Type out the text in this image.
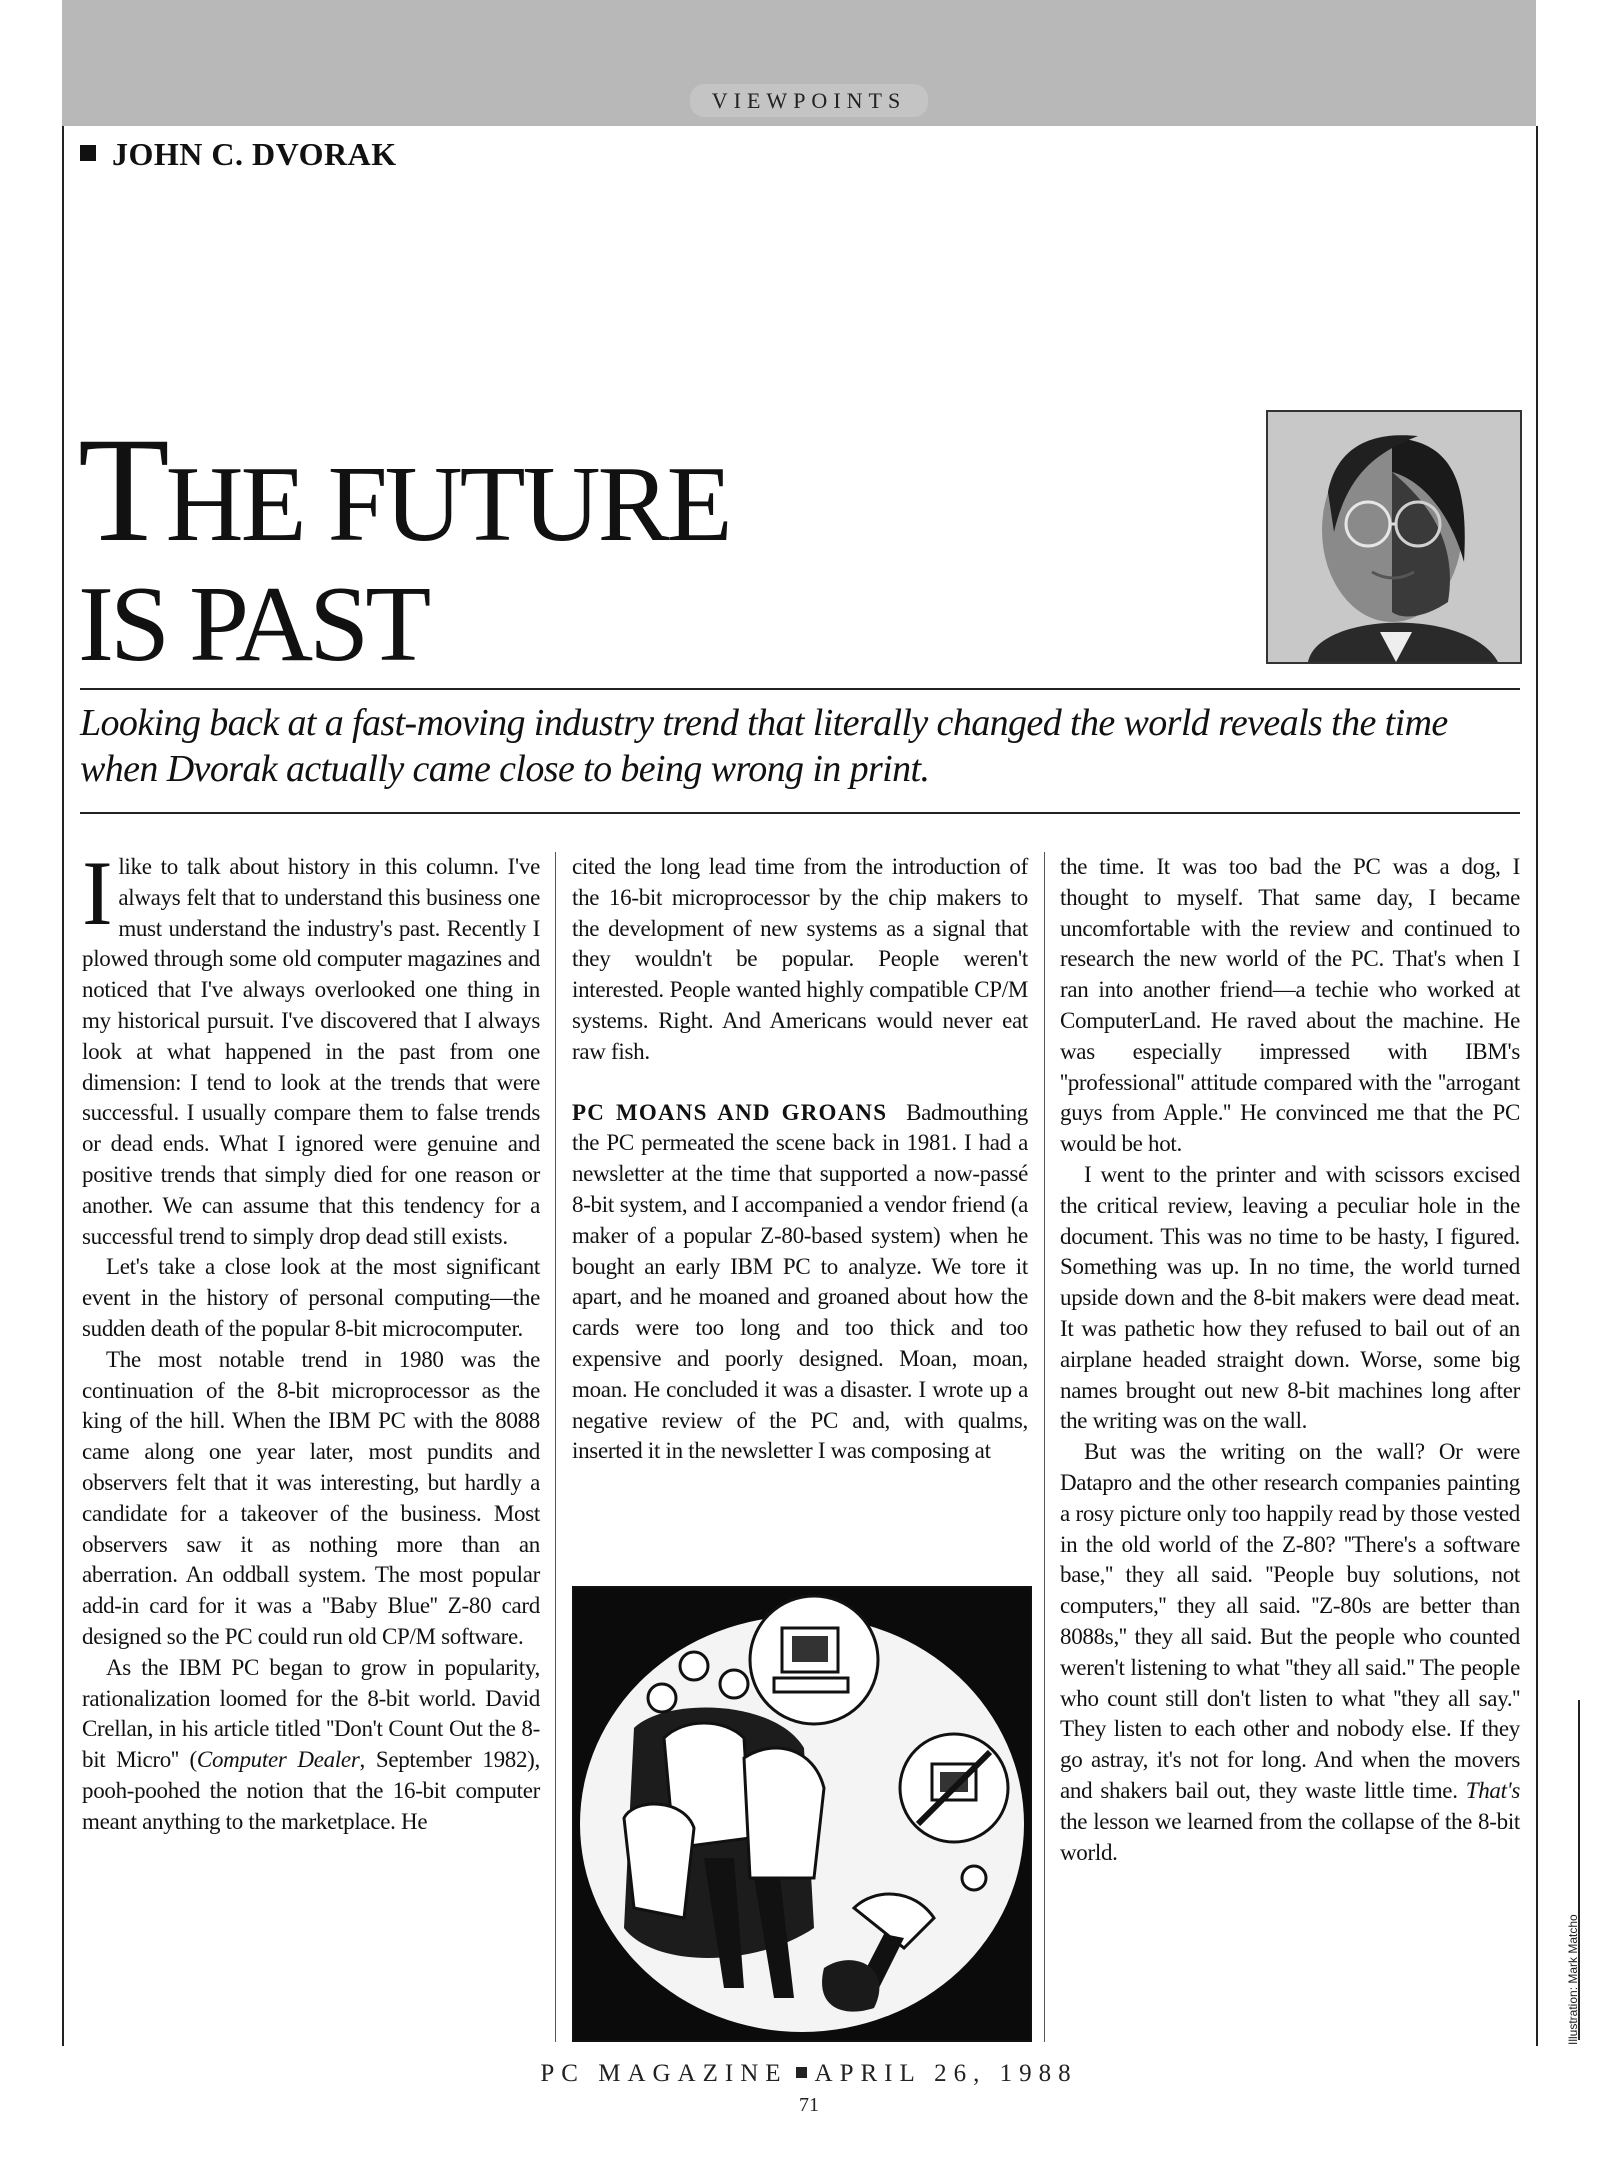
VIEWPOINTS
JOHN C. DVORAK
THE FUTURE
IS PAST
Looking back at a fast-moving industry trend that literally changed the world reveals the time
when Dvorak actually came close to being wrong in print.

Ilike to talk about history in this column. I've always felt that to understand this business one must understand the industry's past. Recently I plowed through some old computer magazines and noticed that I've always overlooked one thing in my historical pursuit. I've discovered that I always look at what happened in the past from one dimension: I tend to look at the trends that were successful. I usually compare them to false trends or dead ends. What I ignored were genuine and positive trends that simply died for one reason or another. We can assume that this tendency for a successful trend to simply drop dead still exists.

Let's take a close look at the most significant event in the history of personal computing—the sudden death of the popular 8-bit microcomputer.

The most notable trend in 1980 was the continuation of the 8-bit microprocessor as the king of the hill. When the IBM PC with the 8088 came along one year later, most pundits and observers felt that it was interesting, but hardly a candidate for a takeover of the business. Most observers saw it as nothing more than an aberration. An oddball system. The most popular add-in card for it was a ''Baby Blue'' Z-80 card designed so the PC could run old CP/M software.

As the IBM PC began to grow in popularity, rationalization loomed for the 8-bit world. David Crellan, in his article titled ''Don't Count Out the 8-bit Micro'' (Computer Dealer, September 1982), pooh-poohed the notion that the 16-bit computer meant anything to the marketplace. He

cited the long lead time from the introduction of the 16-bit microprocessor by the chip makers to the development of new systems as a signal that they wouldn't be popular. People weren't interested. People wanted highly compatible CP/M systems. Right. And Americans would never eat raw fish.

PC MOANS AND GROANS Badmouthing the PC permeated the scene back in 1981. I had a newsletter at the time that supported a now-passé 8-bit system, and I accompanied a vendor friend (a maker of a popular Z-80-based system) when he bought an early IBM PC to analyze. We tore it apart, and he moaned and groaned about how the cards were too long and too thick and too expensive and poorly designed. Moan, moan, moan. He concluded it was a disaster. I wrote up a negative review of the PC and, with qualms, inserted it in the newsletter I was composing at

the time. It was too bad the PC was a dog, I thought to myself. That same day, I became uncomfortable with the review and continued to research the new world of the PC. That's when I ran into another friend—a techie who worked at ComputerLand. He raved about the machine. He was especially impressed with IBM's ''professional'' attitude compared with the ''arrogant guys from Apple.'' He convinced me that the PC would be hot.

I went to the printer and with scissors excised the critical review, leaving a peculiar hole in the document. This was no time to be hasty, I figured. Something was up. In no time, the world turned upside down and the 8-bit makers were dead meat. It was pathetic how they refused to bail out of an airplane headed straight down. Worse, some big names brought out new 8-bit machines long after the writing was on the wall.

But was the writing on the wall? Or were Datapro and the other research companies painting a rosy picture only too happily read by those vested in the old world of the Z-80? ''There's a software base,'' they all said. ''People buy solutions, not computers,'' they all said. ''Z-80s are better than 8088s,'' they all said. But the people who counted weren't listening to what ''they all said.'' The people who count still don't listen to what ''they all say.'' They listen to each other and nobody else. If they go astray, it's not for long. And when the movers and shakers bail out, they waste little time. That's the lesson we learned from the collapse of the 8-bit world.

Illustration: Mark Matcho
PC MAGAZINE APRIL 26, 1988
71
